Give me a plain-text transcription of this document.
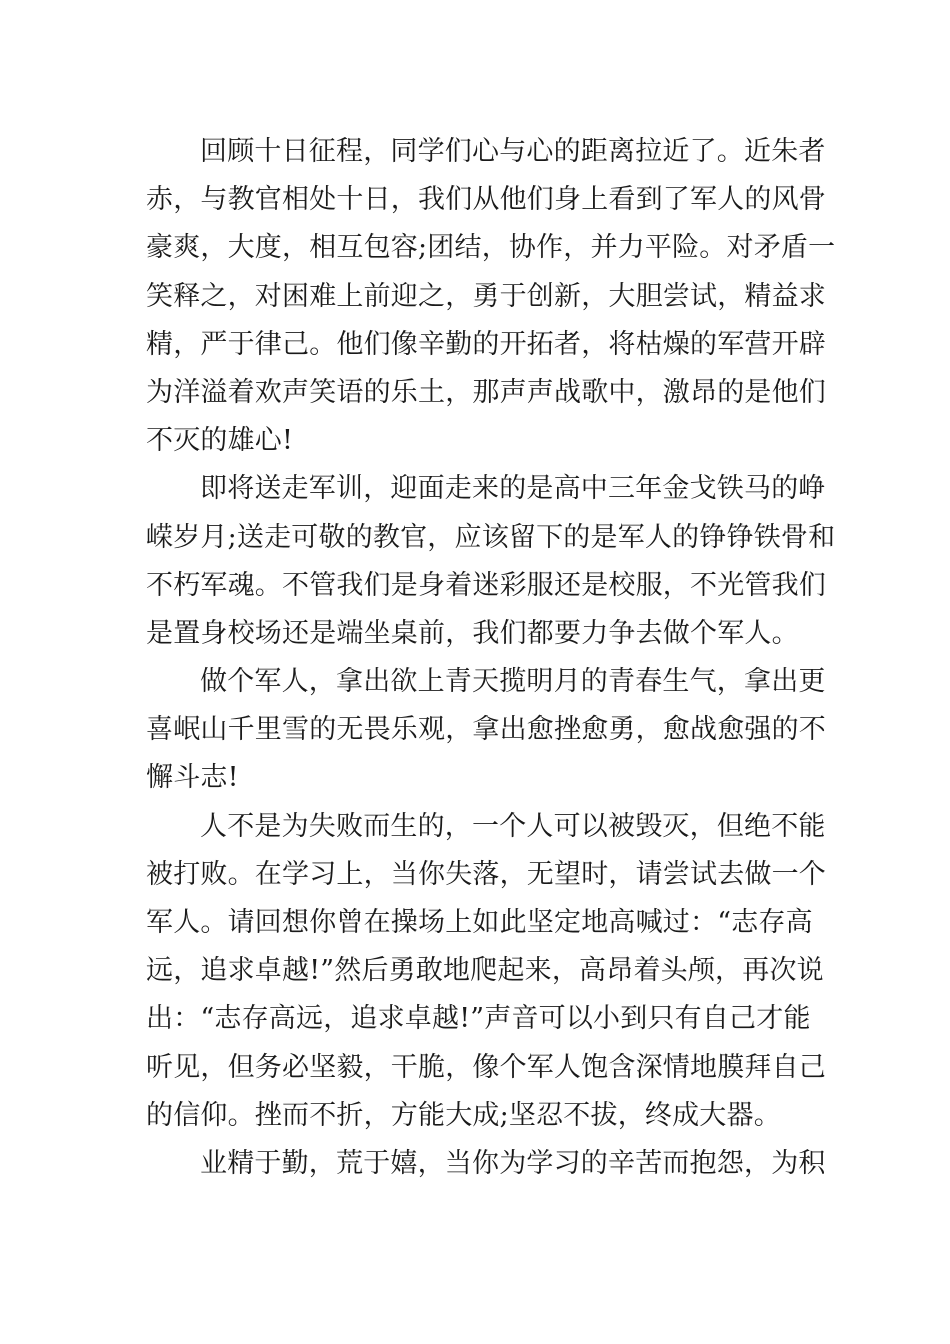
回顾十日征程，同学们心与心的距离拉近了。近朱者
赤，与教官相处十日，我们从他们身上看到了军人的风骨
豪爽，大度，相互包容;团结，协作，并力平险。对矛盾一
笑释之，对困难上前迎之，勇于创新，大胆尝试，精益求
精，严于律己。他们像辛勤的开拓者，将枯燥的军营开辟
为洋溢着欢声笑语的乐土，那声声战歌中，激昂的是他们
不灭的雄心!
即将送走军训，迎面走来的是高中三年金戈铁马的峥
嵘岁月;送走可敬的教官，应该留下的是军人的铮铮铁骨和
不朽军魂。不管我们是身着迷彩服还是校服，不光管我们
是置身校场还是端坐桌前，我们都要力争去做个军人。
做个军人，拿出欲上青天揽明月的青春生气，拿出更
喜岷山千里雪的无畏乐观，拿出愈挫愈勇，愈战愈强的不
懈斗志!
人不是为失败而生的，一个人可以被毁灭，但绝不能
被打败。在学习上，当你失落，无望时，请尝试去做一个
军人。请回想你曾在操场上如此坚定地高喊过：“志存高
远，追求卓越!”然后勇敢地爬起来，高昂着头颅，再次说
出：“志存高远，追求卓越!”声音可以小到只有自己才能
听见，但务必坚毅，干脆，像个军人饱含深情地膜拜自己
的信仰。挫而不折，方能大成;坚忍不拔，终成大器。
业精于勤，荒于嬉，当你为学习的辛苦而抱怨，为积
